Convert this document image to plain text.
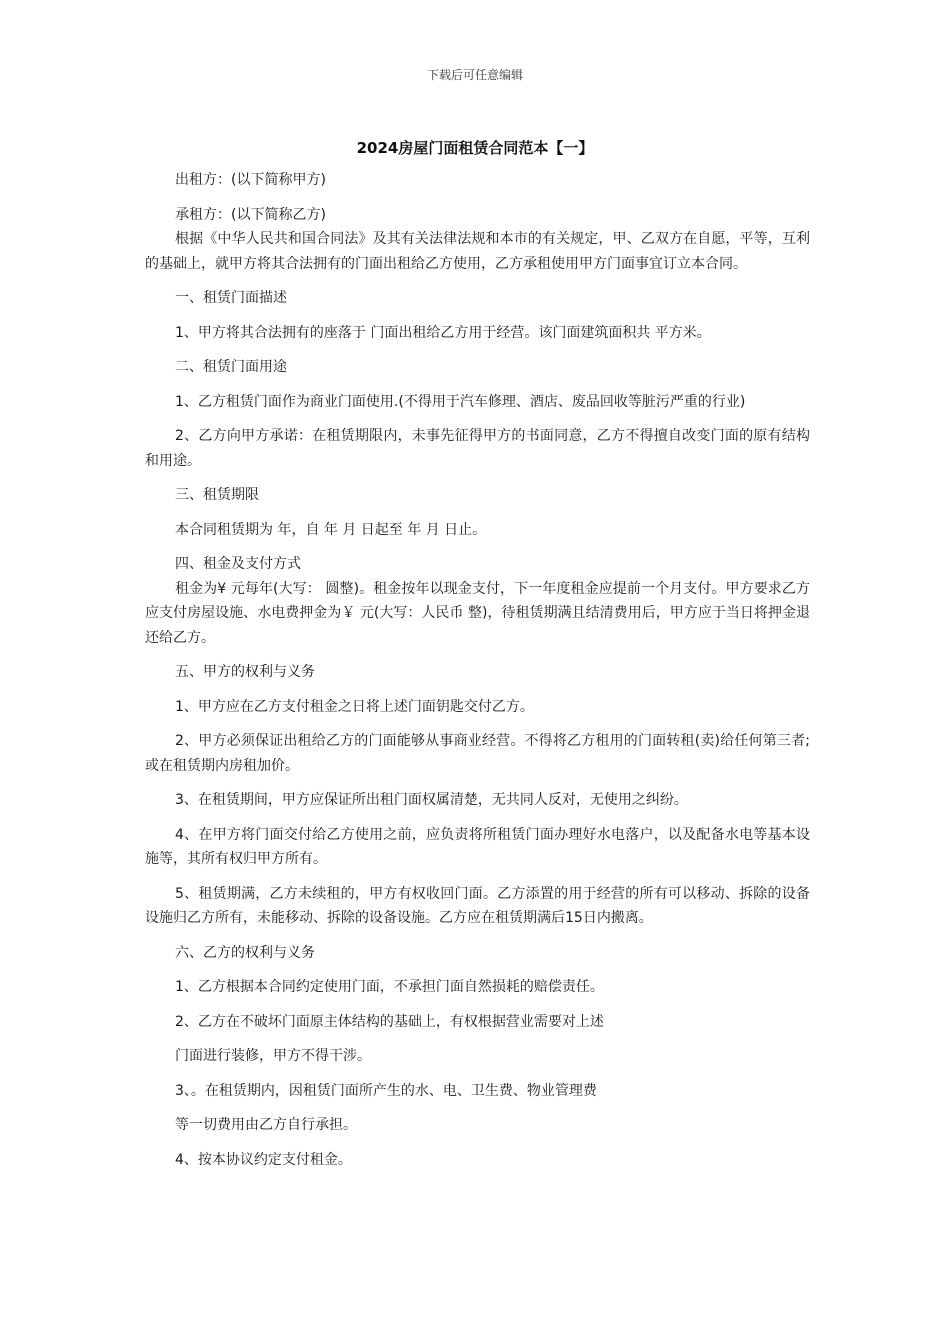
下载后可任意编辑
2024房屋门面租赁合同范本【一】

出租方：(以下简称甲方)

承租方：(以下简称乙方)

根据《中华人民共和国合同法》及其有关法律法规和本市的有关规定，甲、乙双方在自愿，平等，互利的基础上，就甲方将其合法拥有的门面出租给乙方使用，乙方承租使用甲方门面事宜订立本合同。

一、租赁门面描述

1、甲方将其合法拥有的座落于 门面出租给乙方用于经营。该门面建筑面积共 平方米。

二、租赁门面用途

1、乙方租赁门面作为商业门面使用.(不得用于汽车修理、酒店、废品回收等脏污严重的行业)

2、乙方向甲方承诺：在租赁期限内，未事先征得甲方的书面同意，乙方不得擅自改变门面的原有结构和用途。

三、租赁期限

本合同租赁期为 年，自 年 月 日起至 年 月 日止。

四、租金及支付方式

租金为¥ 元每年(大写： 圆整)。租金按年以现金支付，下一年度租金应提前一个月支付。甲方要求乙方应支付房屋设施、水电费押金为￥ 元(大写：人民币 整)，待租赁期满且结清费用后，甲方应于当日将押金退还给乙方。

五、甲方的权利与义务

1、甲方应在乙方支付租金之日将上述门面钥匙交付乙方。

2、甲方必须保证出租给乙方的门面能够从事商业经营。不得将乙方租用的门面转租(卖)给任何第三者;或在租赁期内房租加价。

3、在租赁期间，甲方应保证所出租门面权属清楚，无共同人反对，无使用之纠纷。

4、在甲方将门面交付给乙方使用之前，应负责将所租赁门面办理好水电落户，以及配备水电等基本设施等，其所有权归甲方所有。

5、租赁期满，乙方未续租的，甲方有权收回门面。乙方添置的用于经营的所有可以移动、拆除的设备设施归乙方所有，未能移动、拆除的设备设施。乙方应在租赁期满后15日内搬离。

六、乙方的权利与义务

1、乙方根据本合同约定使用门面，不承担门面自然损耗的赔偿责任。

2、乙方在不破坏门面原主体结构的基础上，有权根据营业需要对上述

门面进行装修，甲方不得干涉。

3、。在租赁期内，因租赁门面所产生的水、电、卫生费、物业管理费

等一切费用由乙方自行承担。

4、按本协议约定支付租金。
